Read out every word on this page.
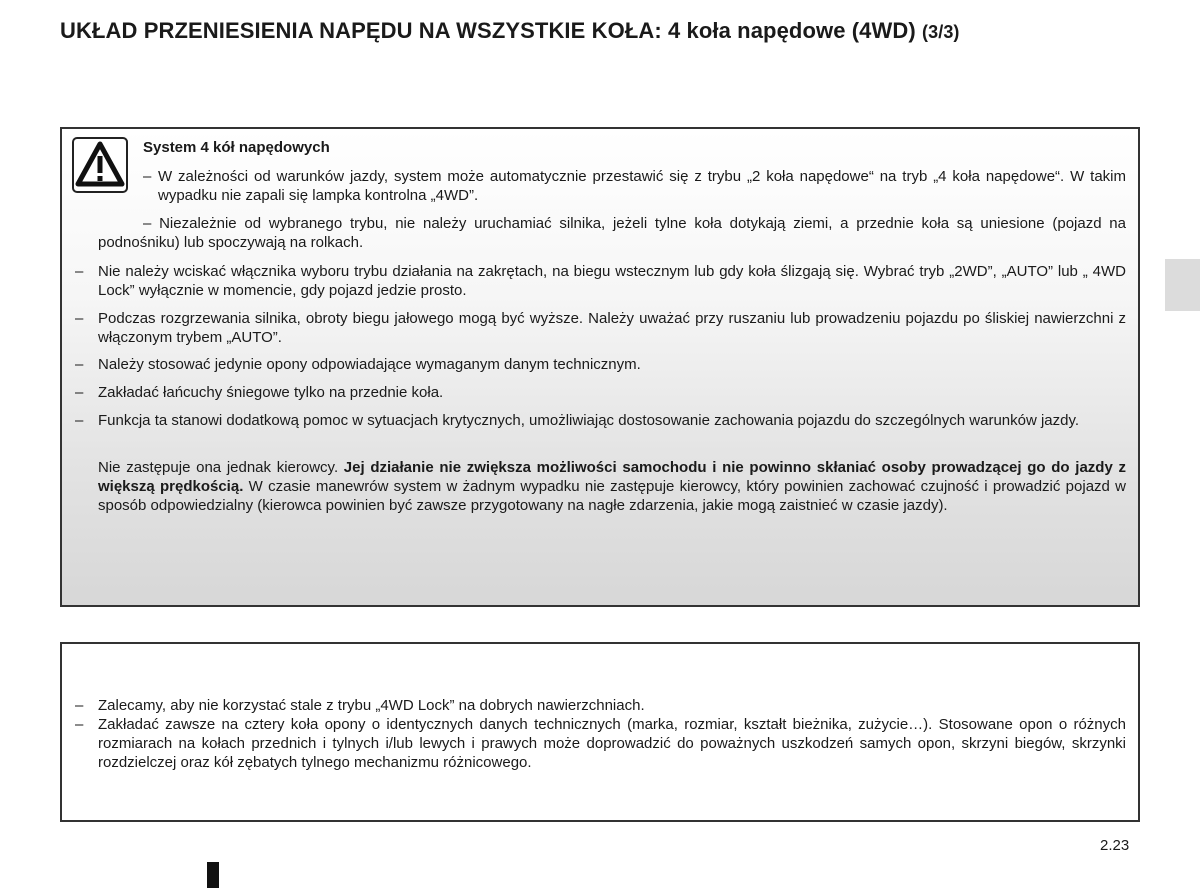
UKŁAD PRZENIESIENIA NAPĘDU NA WSZYSTKIE KOŁA: 4 koła napędowe (4WD) (3/3)
System 4 kół napędowych
– W zależności od warunków jazdy, system może automatycznie przestawić się z trybu „2 koła napędowe“ na tryb „4 koła napędowe“. W takim wypadku nie zapali się lampka kontrolna „4WD”.
– Niezależnie od wybranego trybu, nie należy uruchamiać silnika, jeżeli tylne koła dotykają ziemi, a przednie koła są uniesione (pojazd na podnośniku) lub spoczywają na rolkach.
– Nie należy wciskać włącznika wyboru trybu działania na zakrętach, na biegu wstecznym lub gdy koła ślizgają się. Wybrać tryb „2WD”, „AUTO” lub „ 4WD Lock” wyłącznie w momencie, gdy pojazd jedzie prosto.
– Podczas rozgrzewania silnika, obroty biegu jałowego mogą być wyższe. Należy uważać przy ruszaniu lub prowadzeniu pojazdu po śliskiej nawierzchni z włączonym trybem „AUTO”.
– Należy stosować jedynie opony odpowiadające wymaganym danym technicznym.
– Zakładać łańcuchy śniegowe tylko na przednie koła.
– Funkcja ta stanowi dodatkową pomoc w sytuacjach krytycznych, umożliwiając dostosowanie zachowania pojazdu do szczególnych warunków jazdy.
Nie zastępuje ona jednak kierowcy. Jej działanie nie zwiększa możliwości samochodu i nie powinno skłaniać osoby prowadzącej go do jazdy z większą prędkością. W czasie manewrów system w żadnym wypadku nie zastępuje kierowcy, który powinien zachować czujność i prowadzić pojazd w sposób odpowiedzialny (kierowca powinien być zawsze przygotowany na nagłe zdarzenia, jakie mogą zaistnieć w czasie jazdy).
– Zalecamy, aby nie korzystać stale z trybu „4WD Lock” na dobrych nawierzchniach.
– Zakładać zawsze na cztery koła opony o identycznych danych technicznych (marka, rozmiar, kształt bieżnika, zużycie…). Stosowane opon o różnych rozmiarach na kołach przednich i tylnych i/lub lewych i prawych może doprowadzić do poważnych uszkodzeń samych opon, skrzyni biegów, skrzynki rozdzielczej oraz kół zębatych tylnego mechanizmu różnicowego.
2.23
